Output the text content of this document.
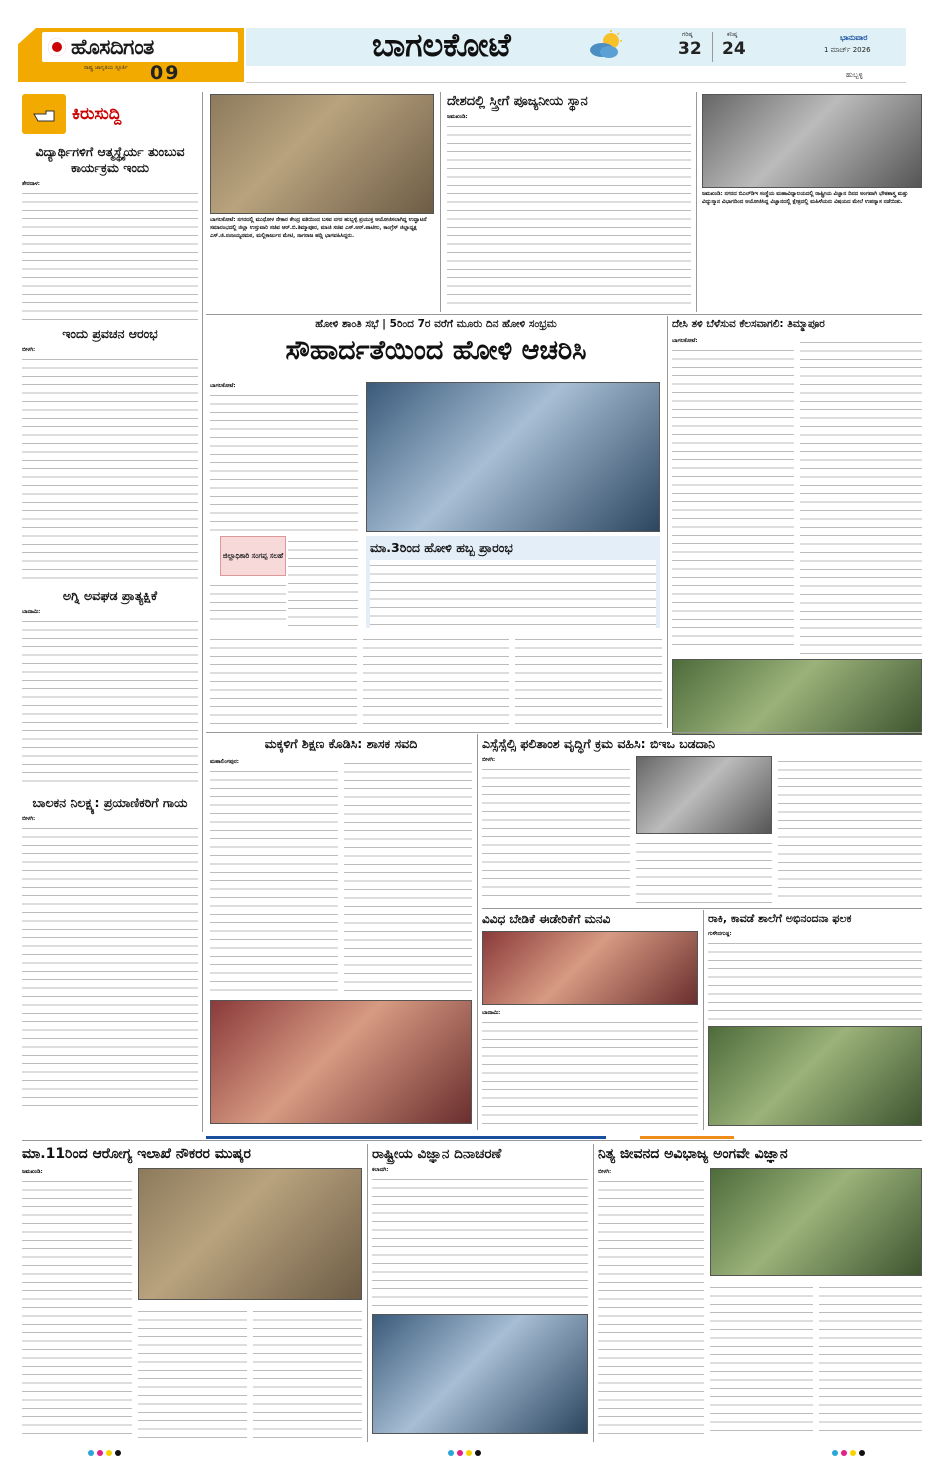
ಹೊಸದಿಗಂತ
ರಾಷ್ಟ್ರ ಜಾಗೃತಿಯ ಸ್ಫೂರ್ತಿ 09
ಬಾಗಲಕೋಟೆ	ಗರಿಷ್ಠ
32
ಕನಿಷ್ಠ
24
ಭಾನುವಾರ
1 ಮಾರ್ಚ್ 2026
ಹುಬ್ಬಳ್ಳಿ
ಕಿರುಸುದ್ದಿ
ವಿದ್ಯಾರ್ಥಿಗಳಿಗೆ ಆತ್ಮಸ್ಥೈರ್ಯ ತುಂಬುವ ಕಾರ್ಯಕ್ರಮ ಇಂದು
ತೇರದಾಳ:
ಇಂದು ಪ್ರವಚನ ಆರಂಭ
ಬೀಳಗಿ:
ಅಗ್ನಿ ಅವಘಡ ಪ್ರಾತ್ಯಕ್ಷಿಕೆ
ಬಾದಾಮಿ:
ಬಾಲಕನ ನಿಲಕ್ಷ್ಯ: ಪ್ರಯಾಣಿಕರಿಗೆ ಗಾಯ
ಬೀಳಗಿ:
ಬಾಗಲಕೋಟೆ: ನಗರದಲ್ಲಿ ಮುಧೋಳ ನೇಕಾರ ಕೇಂದ್ರ ವತಿಯಿಂದ ಬಸವ ನಗರ ಹುಬ್ಬಳ್ಳಿ ಪ್ರಯುಕ್ತ ಆಯೋಜಿಸಲಾಗಿದ್ದ ಉದ್ಘಾಟನೆ ಸಮಾರಂಭದಲ್ಲಿ ಜಿಲ್ಲಾ ಉಸ್ತುವಾರಿ ಸಚಿವ ಆರ್.ಬಿ.ತಿಮ್ಮಾಪೂರ, ಮಾಜಿ ಸಚಿವ ಎಸ್.ಆರ್.ಪಾಟೀಲ, ಕಾಂಗ್ರೆಸ್ ಜಿಲ್ಲಾಧ್ಯಕ್ಷ ಎಸ್.ಜಿ.ನಂಜಯ್ಯನಮಠ, ಮಲ್ಲಿಕಾರ್ಜುನ ಮೇಟಿ, ನಾಗರಾಜ ಹದ್ಲಿ ಭಾಗವಹಿಸಿದ್ದರು.
ದೇಶದಲ್ಲಿ ಸ್ತ್ರೀಗೆ ಪೂಜ್ಯನೀಯ ಸ್ಥಾನ
ಜಮಖಂಡಿ:
ಜಮಖಂಡಿ: ನಗರದ ಬಿಎಲ್‌ಡಿಇ ಸಂಸ್ಥೆಯ ಮಹಾವಿದ್ಯಾಲಯದಲ್ಲಿ ರಾಷ್ಟ್ರೀಯ ವಿಜ್ಞಾನ ದಿನದ ಅಂಗವಾಗಿ ಭೌತಶಾಸ್ತ್ರ ಮತ್ತು ವಿದ್ಯುನ್ಮಾನ ವಿಭಾಗದಿಂದ ಆಯೋಜಿಸಿದ್ದ ವಿಜ್ಞಾನದಲ್ಲಿ ಕ್ಷೇತ್ರದಲ್ಲಿ ಮಹಿಳೆಯರು ವಿಷಯದ ಮೇಲೆ ಉಪನ್ಯಾಸ ನಡೆಯಿತು.
ಹೋಳಿ ಶಾಂತಿ ಸಭೆ | 5ರಿಂದ 7ರ ವರೆಗೆ ಮೂರು ದಿನ ಹೋಳಿ ಸಂಭ್ರಮ
ಸೌಹಾರ್ದತೆಯಿಂದ ಹೋಳಿ ಆಚರಿಸಿ
ಬಾಗಲಕೋಟೆ:
ಜಿಲ್ಲಾಧಿಕಾರಿ ಸಂಗಪ್ಪ ಸಲಹೆ
ಮಾ.3ರಿಂದ ಹೋಳಿ ಹಬ್ಬ ಪ್ರಾರಂಭ
ದೇಸಿ ತಳಿ ಬೆಳೆಸುವ ಕೆಲಸವಾಗಲಿ: ತಿಮ್ಮಾಪೂರ
ಬಾಗಲಕೋಟೆ:
ಮಕ್ಕಳಿಗೆ ಶಿಕ್ಷಣ ಕೊಡಿಸಿ: ಶಾಸಕ ಸವದಿ
ಮಹಾಲಿಂಗಪುರ:
ಎಸ್ಸೆಸ್ಸೆಲ್ಸಿ ಫಲಿತಾಂಶ ವೃದ್ಧಿಗೆ ಕ್ರಮ ವಹಿಸಿ: ಬಿಇಒ ಬಡದಾನಿ
ಬೀಳಗಿ:
ವಿವಿಧ ಬೇಡಿಕೆ ಈಡೇರಿಕೆಗೆ ಮನವಿ
ಬಾದಾಮಿ:
ರಾಕಿ, ಕಾವಡೆ ಶಾಲೆಗೆ ಅಭಿನಂದನಾ ಫಲಕ
ಗುಳೇದಗುಡ್ಡ:
ಮಾ.11ರಿಂದ ಆರೋಗ್ಯ ಇಲಾಖೆ ನೌಕರರ ಮುಷ್ಕರ
ಜಮಖಂಡಿ:
ರಾಷ್ಟ್ರೀಯ ವಿಜ್ಞಾನ ದಿನಾಚರಣೆ
ಕಲಾದಗಿ:
ನಿತ್ಯ ಜೀವನದ ಅವಿಭಾಜ್ಯ ಅಂಗವೇ ವಿಜ್ಞಾನ
ಬೀಳಗಿ:
